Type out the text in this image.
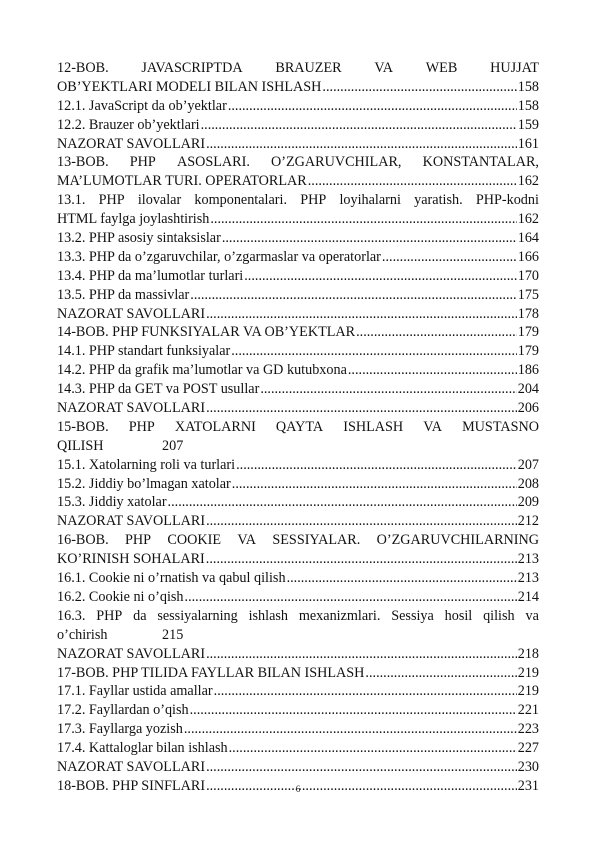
12-BOB. JAVASCRIPTDA BRAUZER VA WEB HUJJAT
OB’YEKTLARI MODELI BILAN ISHLASH .....	158
12.1. JavaScript da ob’yektlar .....	158
12.2. Brauzer ob’yektlari .....	159
NAZORAT SAVOLLARI .....	161
13-BOB. PHP ASOSLARI. O’ZGARUVCHILAR, KONSTANTALAR,
MA’LUMOTLAR TURI. OPERATORLAR .....	162
13.1. PHP ilovalar komponentalari. PHP loyihalarni yaratish. PHP-kodni
HTML faylga joylashtirish .....	162
13.2. PHP asosiy sintaksislar .....	164
13.3. PHP da o’zgaruvchilar, o’zgarmaslar va operatorlar .....	166
13.4. PHP da ma’lumotlar turlari .....	170
13.5. PHP da massivlar .....	175
NAZORAT SAVOLLARI .....	178
14-BOB. PHP FUNKSIYALAR VA OB’YEKTLAR .....	179
14.1. PHP standart funksiyalar .....	179
14.2. PHP da grafik ma’lumotlar va GD kutubxona .....	186
14.3. PHP da GET va POST usullar .....	204
NAZORAT SAVOLLARI .....	206
15-BOB. PHP XATOLARNI QAYTA ISHLASH VA MUSTASNO
QILISH	207
15.1. Xatolarning roli va turlari .....	207
15.2. Jiddiy bo’lmagan xatolar .....	208
15.3. Jiddiy xatolar .....	209
NAZORAT SAVOLLARI .....	212
16-BOB. PHP COOKIE VA SESSIYALAR. O’ZGARUVCHILARNING
KO’RINISH SOHALARI .....	213
16.1. Cookie ni o’rnatish va qabul qilish .....	213
16.2. Cookie ni o’qish .....	214
16.3. PHP da sessiyalarning ishlash mexanizmlari. Sessiya hosil qilish va
o’chirish	215
NAZORAT SAVOLLARI .....	218
17-BOB. PHP TILIDA FAYLLAR BILAN ISHLASH .....	219
17.1. Fayllar ustida amallar .....	219
17.2. Fayllardan o’qish .....	221
17.3. Fayllarga yozish .....	223
17.4. Kattaloglar bilan ishlash .....	227
NAZORAT SAVOLLARI .....	230
18-BOB. PHP SINFLARI .....	231
6
